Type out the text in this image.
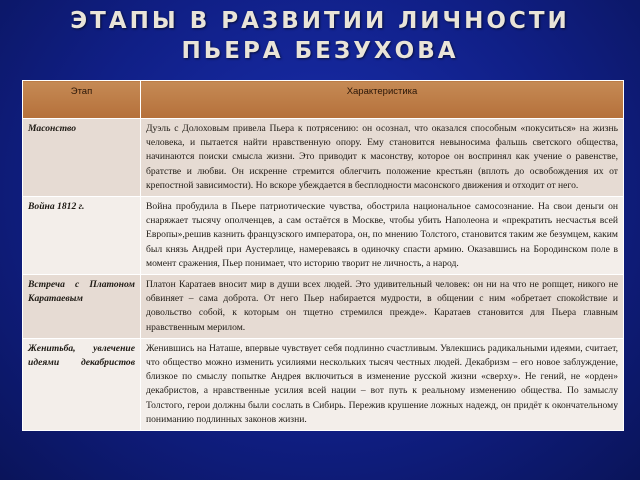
ЭТАПЫ В РАЗВИТИИ ЛИЧНОСТИ
ПЬЕРА БЕЗУХОВА
Этап	Характеристика
Масонство	Дуэль с Долоховым привела Пьера к потрясению: он осознал, что оказался способным «покуситься» на жизнь человека, и пытается найти нравственную опору. Ему становится невыносима фальшь светского общества, начинаются поиски смысла жизни. Это приводит к масонству, которое он воспринял как учение о равенстве, братстве и любви. Он искренне стремится облегчить положение крестьян (вплоть до освобождения их от крепостной зависимости). Но вскоре убеждается в бесплодности масонского движения и отходит от него.
Война 1812 г.	Война пробудила в Пьере патриотические чувства, обострила национальное самосознание. На свои деньги он снаряжает тысячу ополченцев, а сам остаётся в Москве, чтобы убить Наполеона и «прекратить несчастья всей Европы»,решив казнить французского императора, он, по мнению Толстого, становится таким же безумцем, каким был князь Андрей при Аустерлице, намереваясь в одиночку спасти армию. Оказавшись на Бородинском поле в момент сражения, Пьер понимает, что историю творит не личность, а народ.
Встреча с Платоном Каратаевым	Платон Каратаев вносит мир в души всех людей. Это удивительный человек: он ни на что не ропщет, никого не обвиняет – сама доброта. От него Пьер набирается мудрости, в общении с ним «обретает спокойствие и довольство собой, к которым он тщетно стремился прежде». Каратаев становится для Пьера главным нравственным мерилом.
Женитьба, увлечение идеями декабристов	Женившись на Наташе, впервые чувствует себя подлинно счастливым. Увлекшись радикальными идеями, считает, что общество можно изменить усилиями нескольких тысяч честных людей. Декабризм – его новое заблуждение, близкое по смыслу попытке Андрея включиться в изменение русской жизни «сверху». Не гений, не «орден» декабристов, а нравственные усилия всей нации – вот путь к реальному изменению общества. По замыслу Толстого, герои должны были сослать в Сибирь. Пережив крушение ложных надежд, он придёт к окончательному пониманию подлинных законов жизни.
